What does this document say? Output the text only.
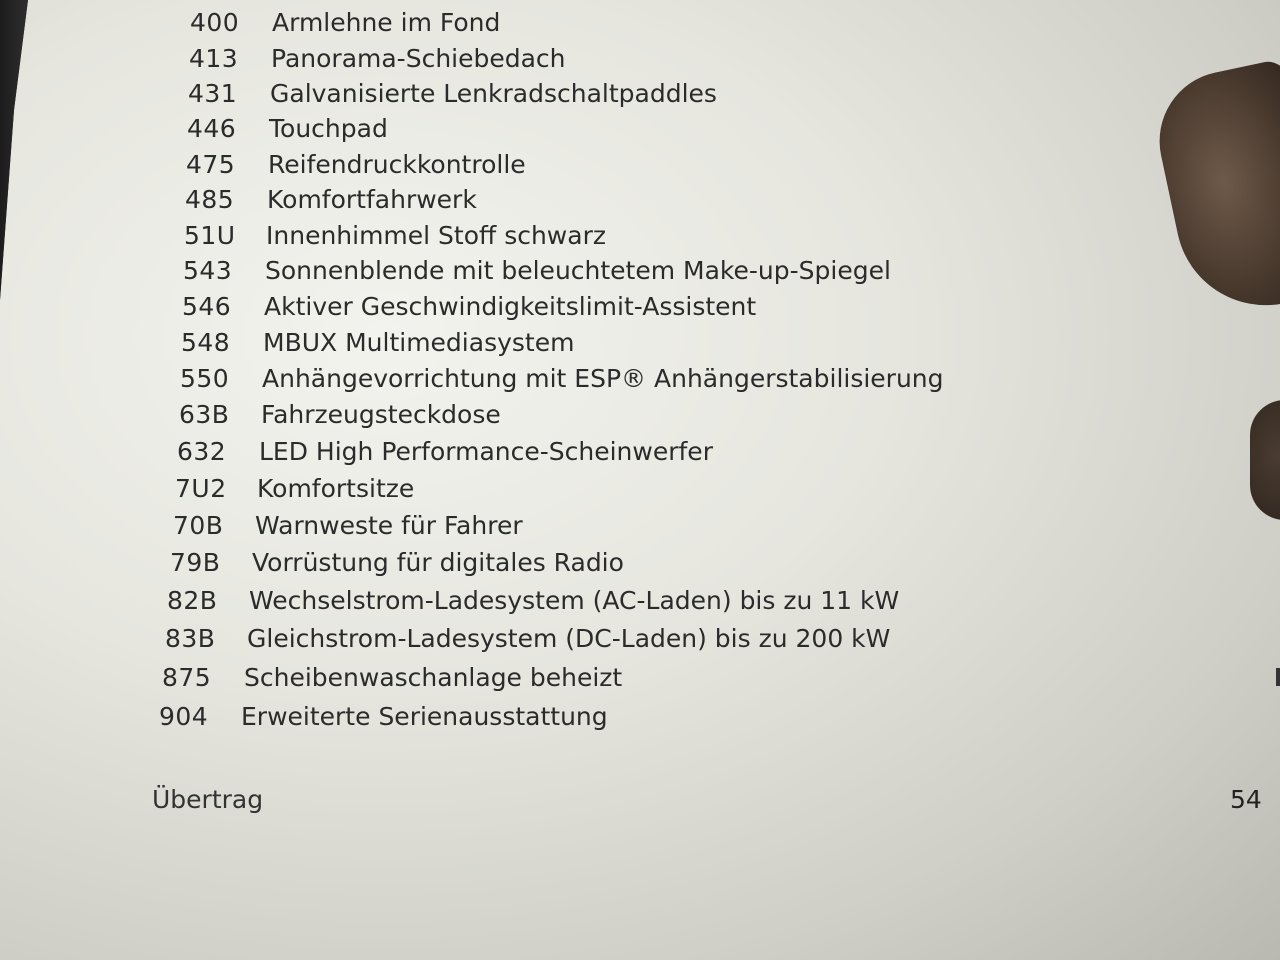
400	Armlehne im Fond
413	Panorama-Schiebedach
431	Galvanisierte Lenkradschaltpaddles
446	Touchpad
475	Reifendruckkontrolle
485	Komfortfahrwerk
51U	Innenhimmel Stoff schwarz
543	Sonnenblende mit beleuchtetem Make-up-Spiegel
546	Aktiver Geschwindigkeitslimit-Assistent
548	MBUX Multimediasystem
550	Anhängevorrichtung mit ESP® Anhängerstabilisierung
63B	Fahrzeugsteckdose
632	LED High Performance-Scheinwerfer
7U2	Komfortsitze
70B	Warnweste für Fahrer
79B	Vorrüstung für digitales Radio
82B	Wechselstrom-Ladesystem (AC-Laden) bis zu 11 kW
83B	Gleichstrom-Ladesystem (DC-Laden) bis zu 200 kW
875	Scheibenwaschanlage beheizt
904	Erweiterte Serienausstattung
Übertrag	54
